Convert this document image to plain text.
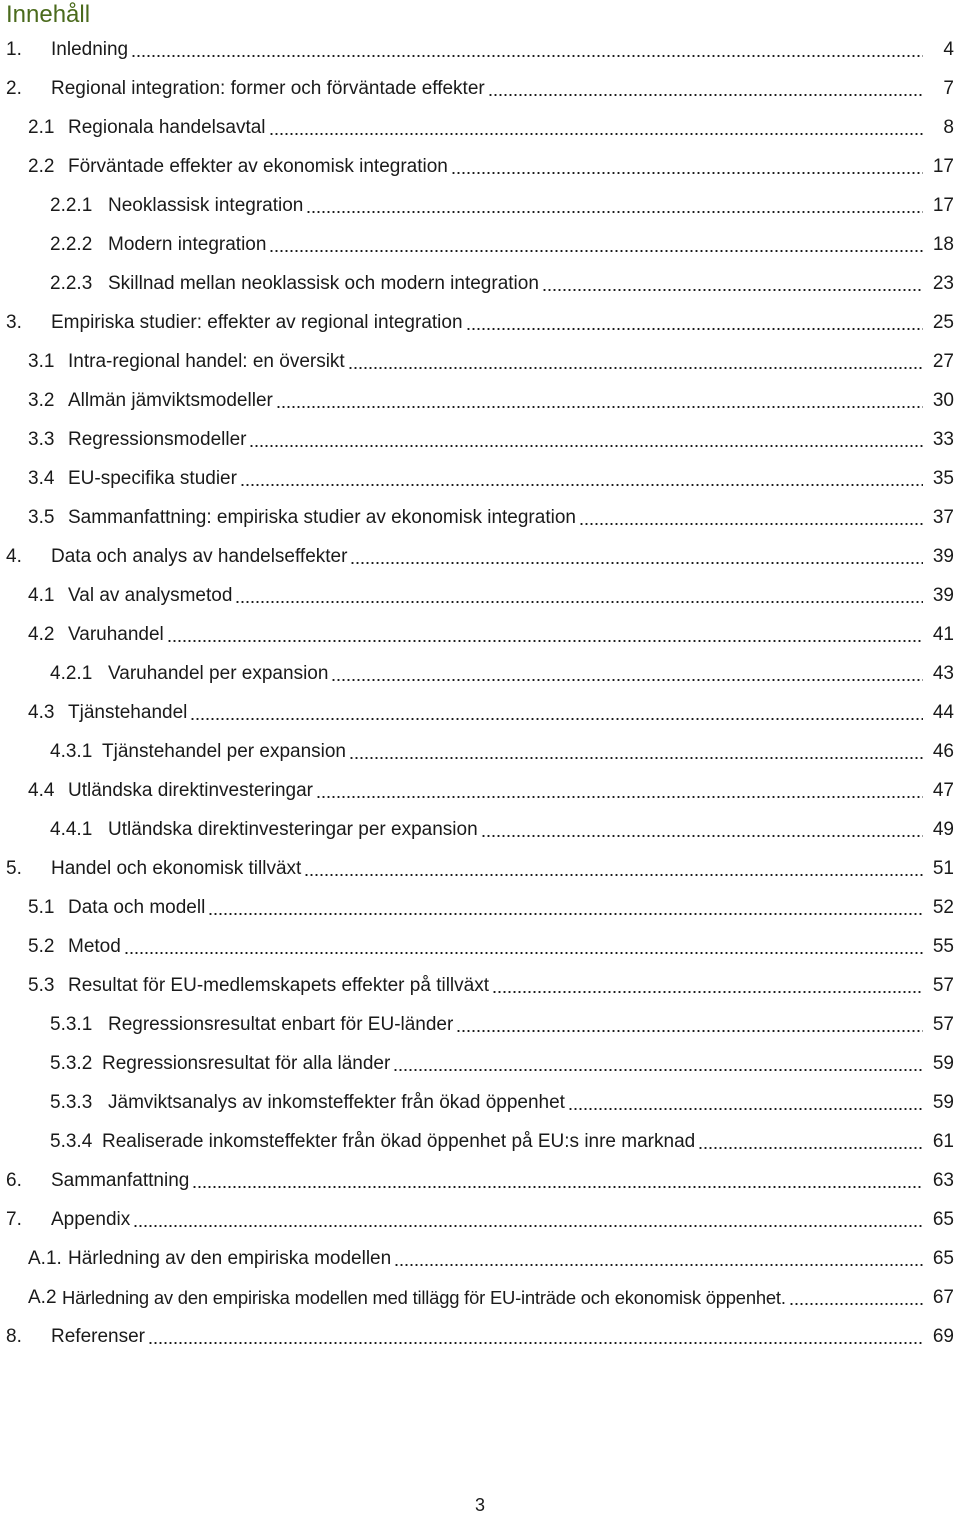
Innehåll
1.	Inledning	4
2.	Regional integration: former och förväntade effekter	7
2.1 Regionala handelsavtal	8
2.2 Förväntade effekter av ekonomisk integration	17
2.2.1 Neoklassisk integration	17
2.2.2 Modern integration	18
2.2.3 Skillnad mellan neoklassisk och modern integration	23
3.	Empiriska studier: effekter av regional integration	25
3.1 Intra-regional handel: en översikt	27
3.2 Allmän jämviktsmodeller	30
3.3 Regressionsmodeller	33
3.4 EU-specifika studier	35
3.5 Sammanfattning: empiriska studier av ekonomisk integration	37
4.	Data och analys av handelseffekter	39
4.1 Val av analysmetod	39
4.2 Varuhandel	41
4.2.1 Varuhandel per expansion	43
4.3 Tjänstehandel	44
4.3.1 Tjänstehandel per expansion	46
4.4 Utländska direktinvesteringar	47
4.4.1 Utländska direktinvesteringar per expansion	49
5.	Handel och ekonomisk tillväxt	51
5.1 Data och modell	52
5.2 Metod	55
5.3 Resultat för EU-medlemskapets effekter på tillväxt	57
5.3.1 Regressionsresultat enbart för EU-länder	57
5.3.2 Regressionsresultat för alla länder	59
5.3.3 Jämviktsanalys av inkomsteffekter från ökad öppenhet	59
5.3.4 Realiserade inkomsteffekter från ökad öppenhet på EU:s inre marknad	61
6.	Sammanfattning	63
7.	Appendix	65
A.1. Härledning av den empiriska modellen	65
A.2 Härledning av den empiriska modellen med tillägg för EU-inträde och ekonomisk öppenhet.	67
8.	Referenser	69
3
